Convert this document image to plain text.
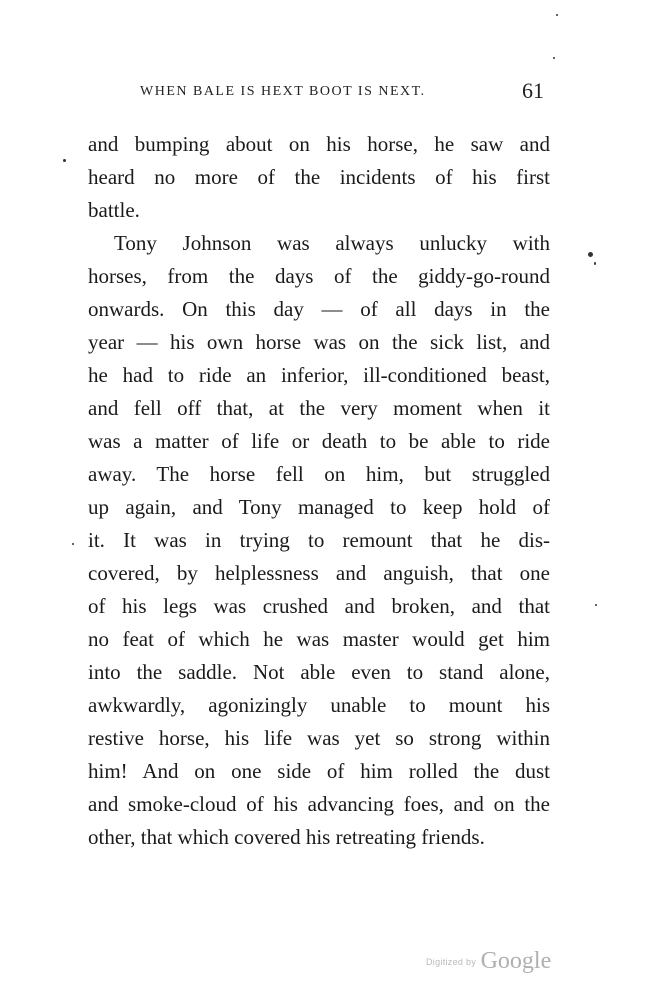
WHEN BALE IS HEXT BOOT IS NEXT.	61
and bumping about on his horse, he saw and
heard no more of the incidents of his first
battle.
Tony Johnson was always unlucky with
horses, from the days of the giddy-go-round
onwards. On this day — of all days in the
year — his own horse was on the sick list, and
he had to ride an inferior, ill-conditioned beast,
and fell off that, at the very moment when it
was a matter of life or death to be able to ride
away. The horse fell on him, but struggled
up again, and Tony managed to keep hold of
it. It was in trying to remount that he dis-
covered, by helplessness and anguish, that one
of his legs was crushed and broken, and that
no feat of which he was master would get him
into the saddle. Not able even to stand alone,
awkwardly, agonizingly unable to mount his
restive horse, his life was yet so strong within
him! And on one side of him rolled the dust
and smoke-cloud of his advancing foes, and on the
other, that which covered his retreating friends.
Digitized by Google
